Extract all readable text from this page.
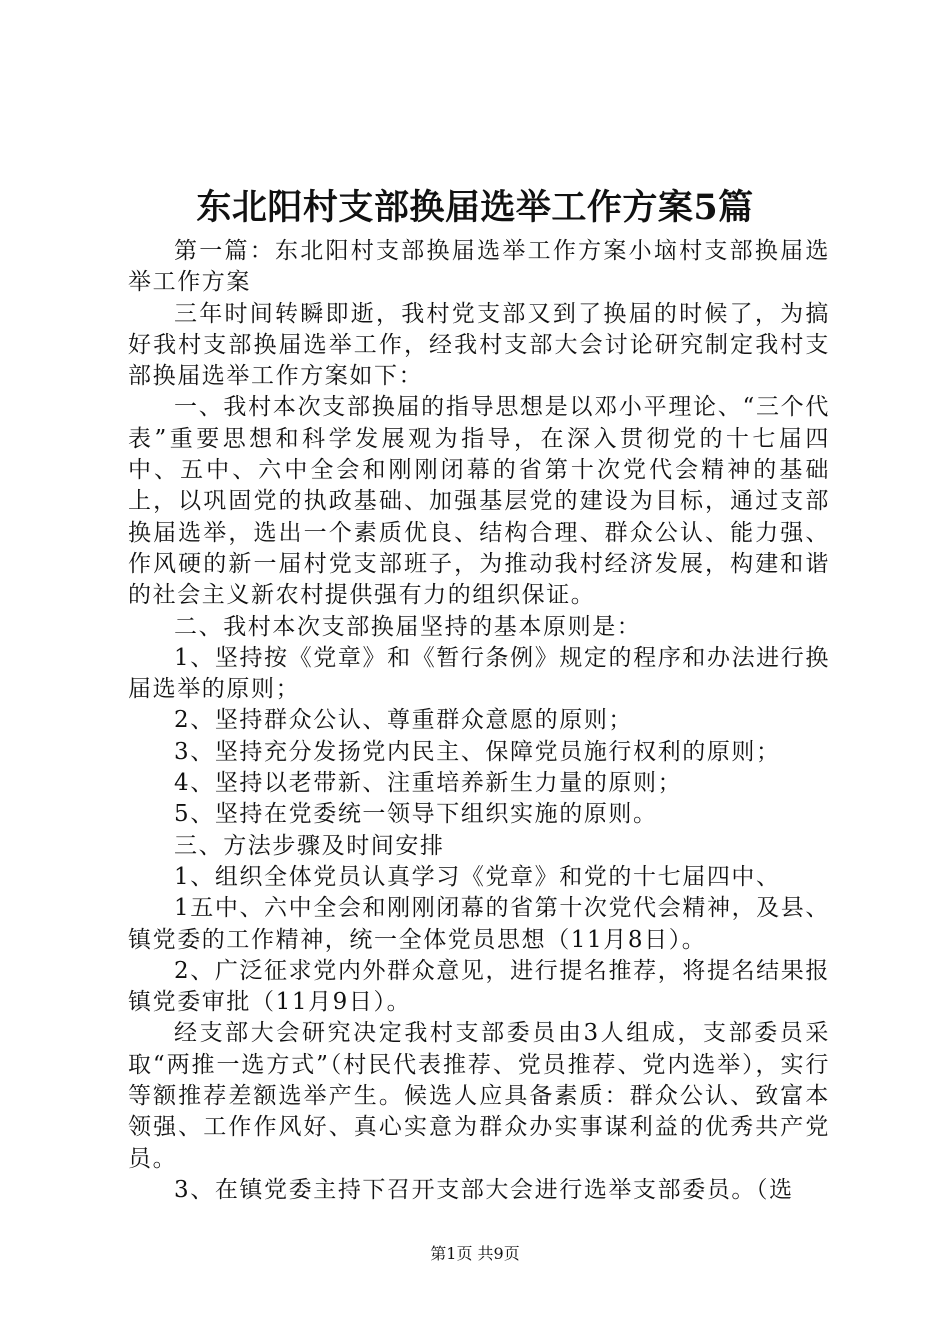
东北阳村支部换届选举工作方案5篇

第一篇：东北阳村支部换届选举工作方案小垴村支部换届选举工作方案

三年时间转瞬即逝，我村党支部又到了换届的时候了，为搞好我村支部换届选举工作，经我村支部大会讨论研究制定我村支部换届选举工作方案如下：

一、我村本次支部换届的指导思想是以邓小平理论、“三个代表”重要思想和科学发展观为指导，在深入贯彻党的十七届四中、五中、六中全会和刚刚闭幕的省第十次党代会精神的基础上，以巩固党的执政基础、加强基层党的建设为目标，通过支部换届选举，选出一个素质优良、结构合理、群众公认、能力强、作风硬的新一届村党支部班子，为推动我村经济发展，构建和谐的社会主义新农村提供强有力的组织保证。

二、我村本次支部换届坚持的基本原则是：

1、坚持按《党章》和《暂行条例》规定的程序和办法进行换届选举的原则；

2、坚持群众公认、尊重群众意愿的原则；

3、坚持充分发扬党内民主、保障党员施行权利的原则；

4、坚持以老带新、注重培养新生力量的原则；

5、坚持在党委统一领导下组织实施的原则。

三、方法步骤及时间安排

1、组织全体党员认真学习《党章》和党的十七届四中、

1五中、六中全会和刚刚闭幕的省第十次党代会精神，及县、镇党委的工作精神，统一全体党员思想（11月8日）。

2、广泛征求党内外群众意见，进行提名推荐，将提名结果报镇党委审批（11月9日）。

经支部大会研究决定我村支部委员由3人组成，支部委员采取“两推一选方式”（村民代表推荐、党员推荐、党内选举），实行等额推荐差额选举产生。候选人应具备素质：群众公认、致富本领强、工作作风好、真心实意为群众办实事谋利益的优秀共产党员。

3、在镇党委主持下召开支部大会进行选举支部委员。（选

第1页 共9页
